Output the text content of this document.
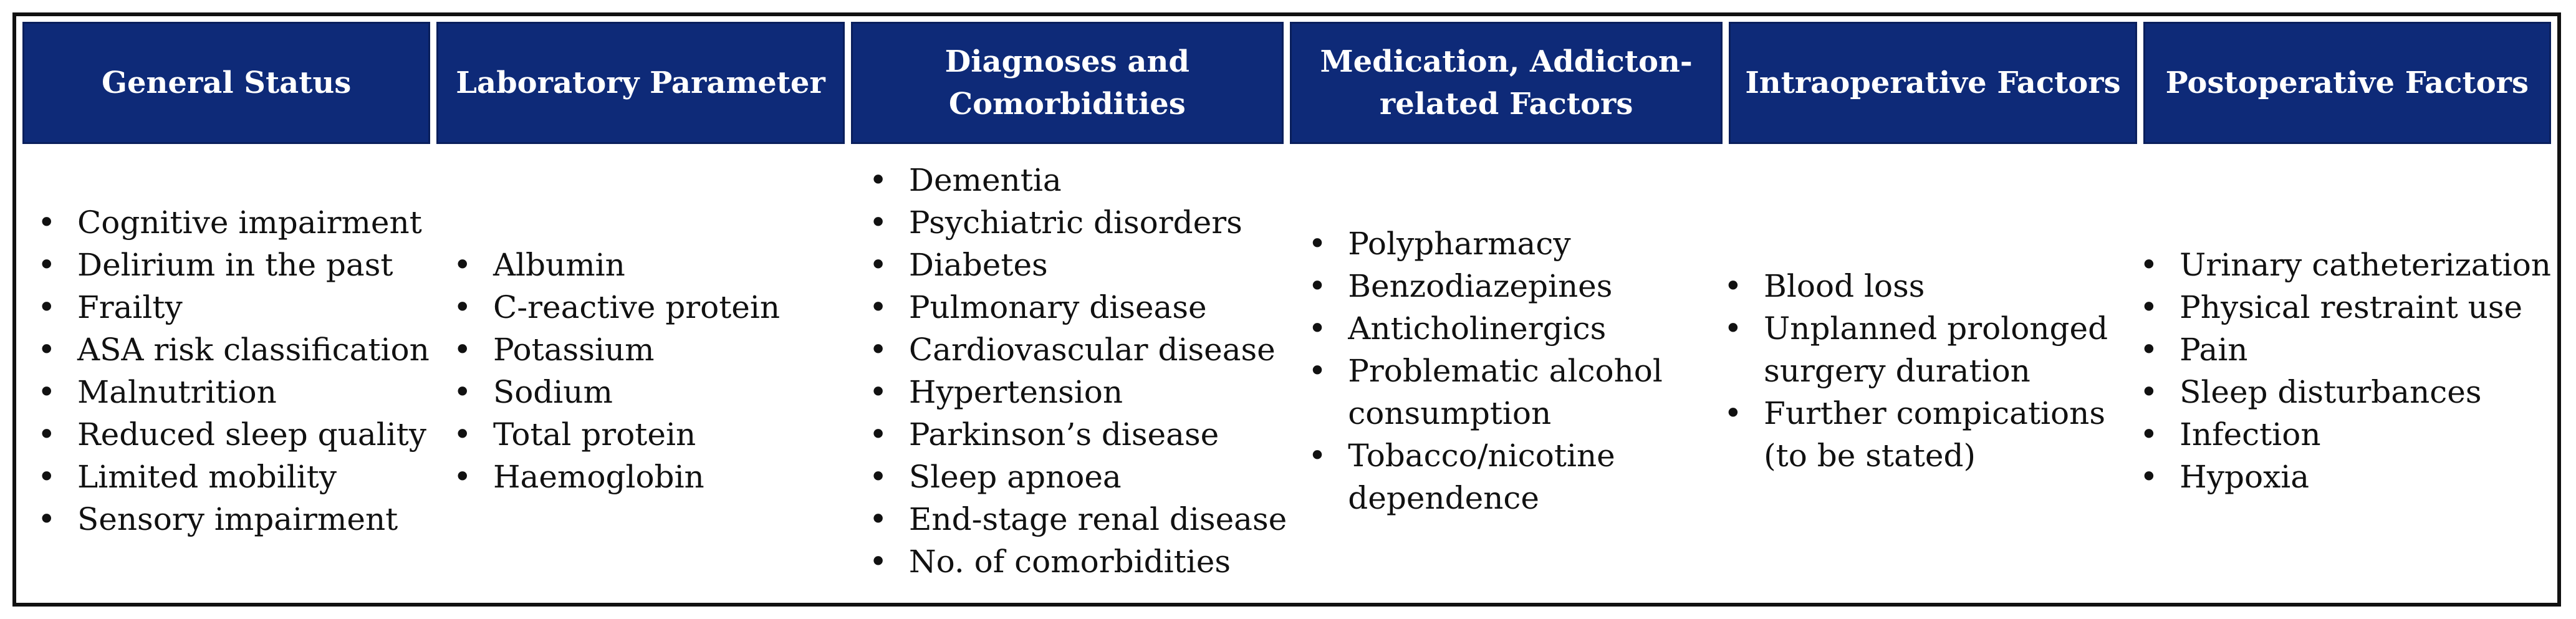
General Status	Laboratory Parameter
Diagnoses and Comorbidities
Medication, Addicton-related Factors
Intraoperative Factors Postoperative Factors
• Cognitive impairment
• Delirium in the past
• Frailty
• ASA risk classification
• Malnutrition
• Reduced sleep quality
• Limited mobility
• Sensory impairment
• Albumin
• C-reactive protein
• Potassium
• Sodium
• Total protein
• Haemoglobin
• Dementia
• Psychiatric disorders
• Diabetes
• Pulmonary disease
• Cardiovascular disease
• Hypertension
• Parkinson’s disease
• Sleep apnoea
• End-stage renal disease
• No. of comorbidities
• Polypharmacy
• Benzodiazepines
• Anticholinergics
• Problematic alcohol consumption
• Tobacco/nicotine dependence
• Blood loss
• Unplanned prolonged surgery duration
• Further compications (to be stated)
• Urinary catheterization
• Physical restraint use
• Pain
• Sleep disturbances
• Infection
• Hypoxia
